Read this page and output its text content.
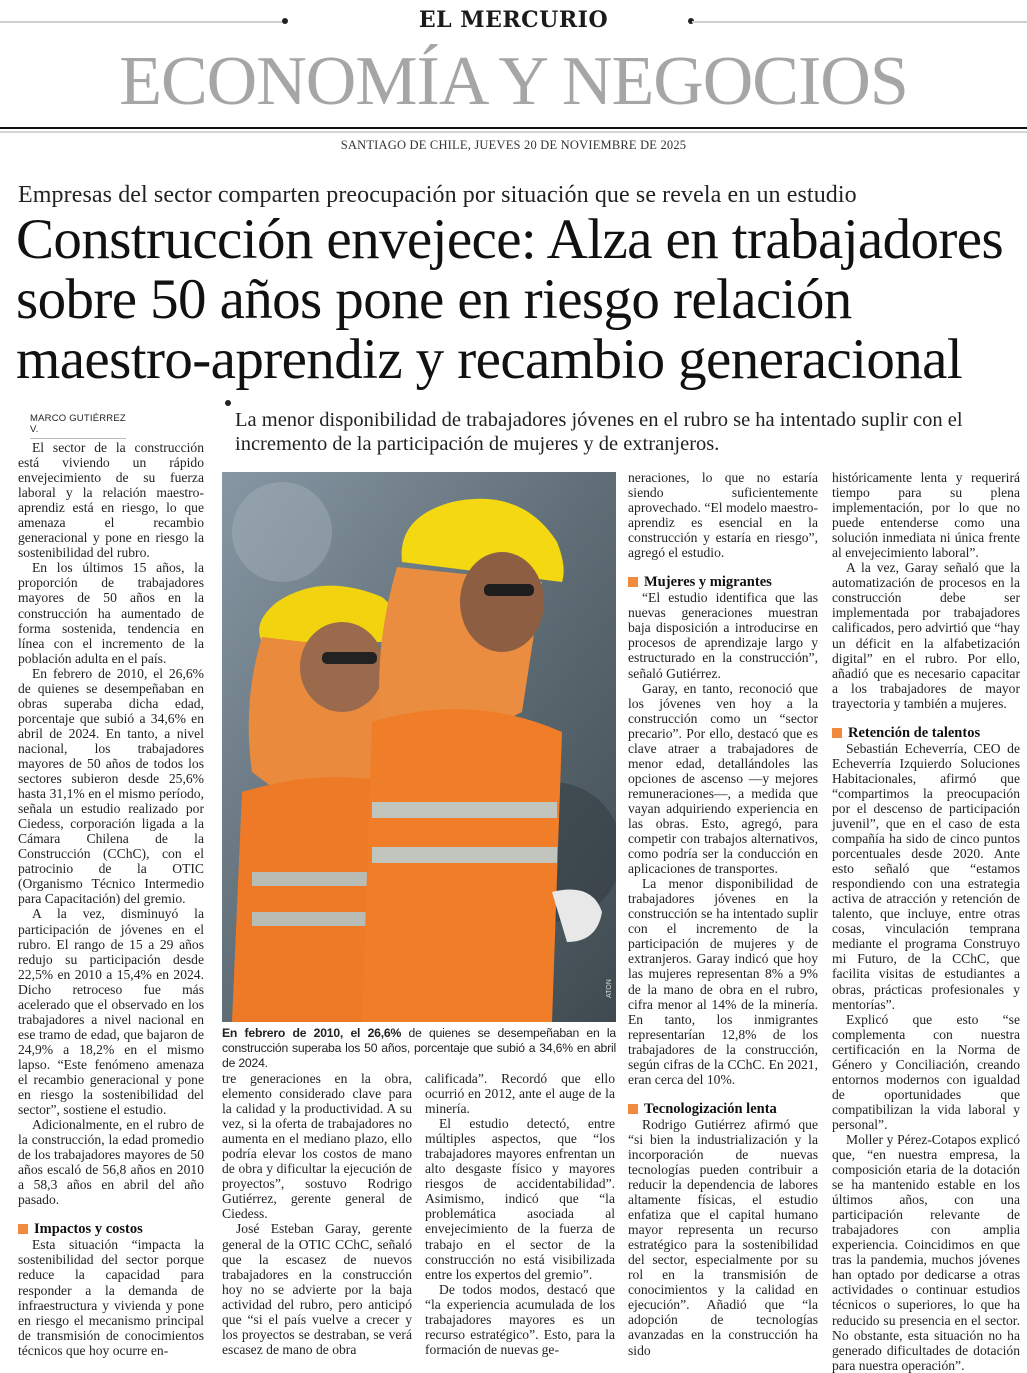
EL MERCURIO
ECONOMÍA Y NEGOCIOS
SANTIAGO DE CHILE, JUEVES 20 DE NOVIEMBRE DE 2025
Empresas del sector comparten preocupación por situación que se revela en un estudio
Construcción envejece: Alza en trabajadores
sobre 50 años pone en riesgo relación
maestro-aprendiz y recambio generacional
MARCO GUTIÉRREZ V.	La menor disponibilidad de trabajadores jóvenes en el rubro se ha intentado suplir con el incremento de la participación de mujeres y de extranjeros.
ATON
En febrero de 2010, el 26,6% de quienes se desempeñaban en la construcción superaba los 50 años, porcentaje que subió a 34,6% en abril de 2024.

El sector de la construcción está viviendo un rápido envejecimiento de su fuerza laboral y la relación maestro-aprendiz está en riesgo, lo que amenaza el recambio generacional y pone en riesgo la sostenibilidad del rubro.

En los últimos 15 años, la proporción de trabajadores mayores de 50 años en la construcción ha aumentado de forma sostenida, tendencia en línea con el incremento de la población adulta en el país.

En febrero de 2010, el 26,6% de quienes se desempeñaban en obras superaba dicha edad, porcentaje que subió a 34,6% en abril de 2024. En tanto, a nivel nacional, los trabajadores mayores de 50 años de todos los sectores subieron desde 25,6% hasta 31,1% en el mismo período, señala un estudio realizado por Ciedess, corporación ligada a la Cámara Chilena de la Construcción (CChC), con el patrocinio de la OTIC (Organismo Técnico Intermedio para Capacitación) del gremio.

A la vez, disminuyó la participación de jóvenes en el rubro. El rango de 15 a 29 años redujo su participación desde 22,5% en 2010 a 15,4% en 2024. Dicho retroceso fue más acelerado que el observado en los trabajadores a nivel nacional en ese tramo de edad, que bajaron de 24,9% a 18,2% en el mismo lapso. “Este fenómeno amenaza el recambio generacional y pone en riesgo la sostenibilidad del sector”, sostiene el estudio.

Adicionalmente, en el rubro de la construcción, la edad promedio de los trabajadores mayores de 50 años escaló de 56,8 años en 2010 a 58,3 años en abril del año pasado.

Impactos y costos

Esta situación “impacta la sostenibilidad del sector porque reduce la capacidad para responder a la demanda de infraestructura y vivienda y pone en riesgo el mecanismo principal de transmisión de conocimientos técnicos que hoy ocurre en-

tre generaciones en la obra, elemento considerado clave para la calidad y la productividad. A su vez, si la oferta de trabajadores no aumenta en el mediano plazo, ello podría elevar los costos de mano de obra y dificultar la ejecución de proyectos”, sostuvo Rodrigo Gutiérrez, gerente general de Ciedess.

José Esteban Garay, gerente general de la OTIC CChC, señaló que la escasez de nuevos trabajadores en la construcción hoy no se advierte por la baja actividad del rubro, pero anticipó que “si el país vuelve a crecer y los proyectos se destraban, se verá escasez de mano de obra

calificada”. Recordó que ello ocurrió en 2012, ante el auge de la minería.

El estudio detectó, entre múltiples aspectos, que “los trabajadores mayores enfrentan un alto desgaste físico y mayores riesgos de accidentabilidad”. Asimismo, indicó que “la problemática asociada al envejecimiento de la fuerza de trabajo en el sector de la construcción no está visibilizada entre los expertos del gremio”.

De todos modos, destacó que “la experiencia acumulada de los trabajadores mayores es un recurso estratégico”. Esto, para la formación de nuevas ge-

neraciones, lo que no estaría siendo suficientemente aprovechado. “El modelo maestro-aprendiz es esencial en la construcción y estaría en riesgo”, agregó el estudio.

Mujeres y migrantes

“El estudio identifica que las nuevas generaciones muestran baja disposición a introducirse en procesos de aprendizaje largo y estructurado en la construcción”, señaló Gutiérrez.

Garay, en tanto, reconoció que los jóvenes ven hoy a la construcción como un “sector precario”. Por ello, destacó que es clave atraer a trabajadores de menor edad, detallándoles las opciones de ascenso —y mejores remuneraciones—, a medida que vayan adquiriendo experiencia en las obras. Esto, agregó, para competir con trabajos alternativos, como podría ser la conducción en aplicaciones de transportes.

La menor disponibilidad de trabajadores jóvenes en la construcción se ha intentado suplir con el incremento de la participación de mujeres y de extranjeros. Garay indicó que hoy las mujeres representan 8% a 9% de la mano de obra en el rubro, cifra menor al 14% de la minería. En tanto, los inmigrantes representarían 12,8% de los trabajadores de la construcción, según cifras de la CChC. En 2021, eran cerca del 10%.

Tecnologización lenta

Rodrigo Gutiérrez afirmó que “si bien la industrialización y la incorporación de nuevas tecnologías pueden contribuir a reducir la dependencia de labores altamente físicas, el estudio enfatiza que el capital humano mayor representa un recurso estratégico para la sostenibilidad del sector, especialmente por su rol en la transmisión de conocimientos y la calidad en ejecución”. Añadió que “la adopción de tecnologías avanzadas en la construcción ha sido

históricamente lenta y requerirá tiempo para su plena implementación, por lo que no puede entenderse como una solución inmediata ni única frente al envejecimiento laboral”.

A la vez, Garay señaló que la automatización de procesos en la construcción debe ser implementada por trabajadores calificados, pero advirtió que “hay un déficit en la alfabetización digital” en el rubro. Por ello, añadió que es necesario capacitar a los trabajadores de mayor trayectoria y también a mujeres.

Retención de talentos

Sebastián Echeverría, CEO de Echeverría Izquierdo Soluciones Habitacionales, afirmó que “compartimos la preocupación por el descenso de participación juvenil”, que en el caso de esta compañía ha sido de cinco puntos porcentuales desde 2020. Ante esto señaló que “estamos respondiendo con una estrategia activa de atracción y retención de talento, que incluye, entre otras cosas, vinculación temprana mediante el programa Construyo mi Futuro, de la CChC, que facilita visitas de estudiantes a obras, prácticas profesionales y mentorías”.

Explicó que esto “se complementa con nuestra certificación en la Norma de Género y Conciliación, creando entornos modernos con igualdad de oportunidades que compatibilizan la vida laboral y personal”.

Moller y Pérez-Cotapos explicó que, “en nuestra empresa, la composición etaria de la dotación se ha mantenido estable en los últimos años, con una participación relevante de trabajadores con amplia experiencia. Coincidimos en que tras la pandemia, muchos jóvenes han optado por dedicarse a otras actividades o continuar estudios técnicos o superiores, lo que ha reducido su presencia en el sector. No obstante, esta situación no ha generado dificultades de dotación para nuestra operación”.
